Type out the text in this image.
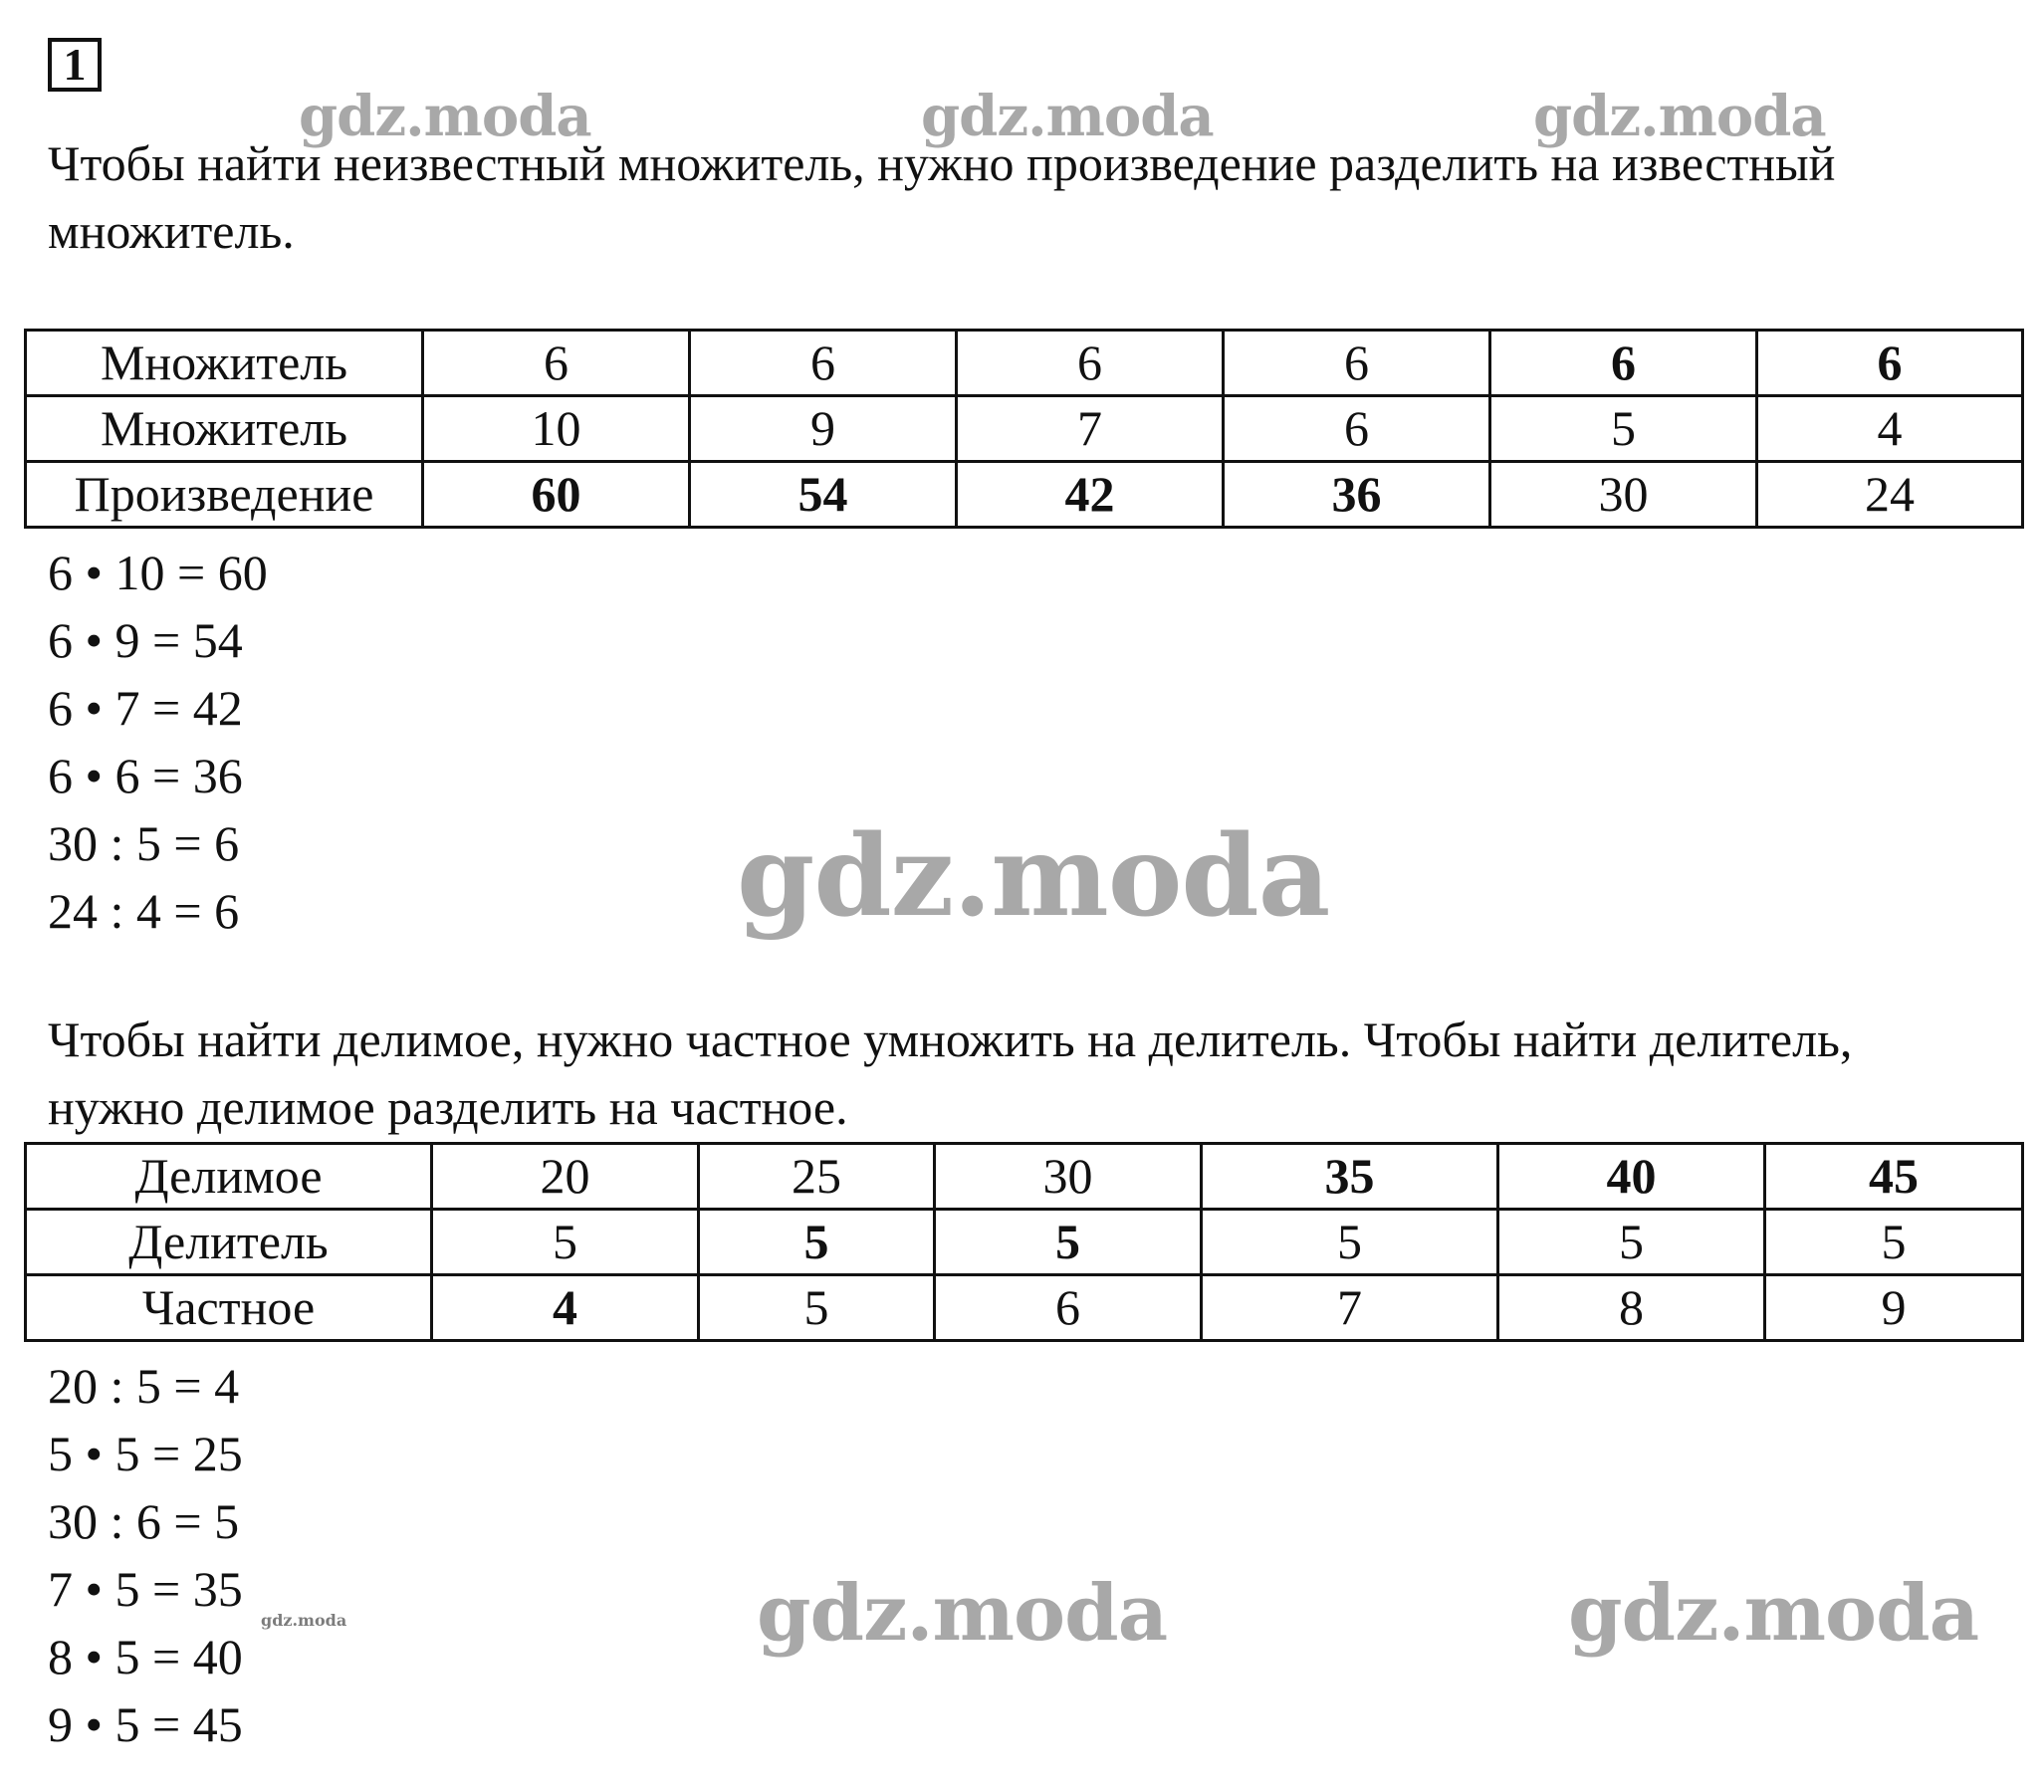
1

Чтобы найти неизвестный множитель, нужно произведение разделить на известный множитель.

Множитель	6	6	6	6	6	6
Множитель	10	9	7	6	5	4
Произведение	60	54	42	36	30	24
6 • 10 = 60
6 • 9 = 54
6 • 7 = 42
6 • 6 = 36
30 : 5 = 6
24 : 4 = 6

Чтобы найти делимое, нужно частное умножить на делитель. Чтобы найти делитель, нужно делимое разделить на частное.

Делимое	20	25	30	35	40	45
Делитель	5	5	5	5	5	5
Частное	4	5	6	7	8	9
20 : 5 = 4
5 • 5 = 25
30 : 6 = 5
7 • 5 = 35
8 • 5 = 40
9 • 5 = 45
gdz.moda	gdz.moda	gdz.moda
gdz.moda
gdz.moda	gdz.moda
gdz.moda
